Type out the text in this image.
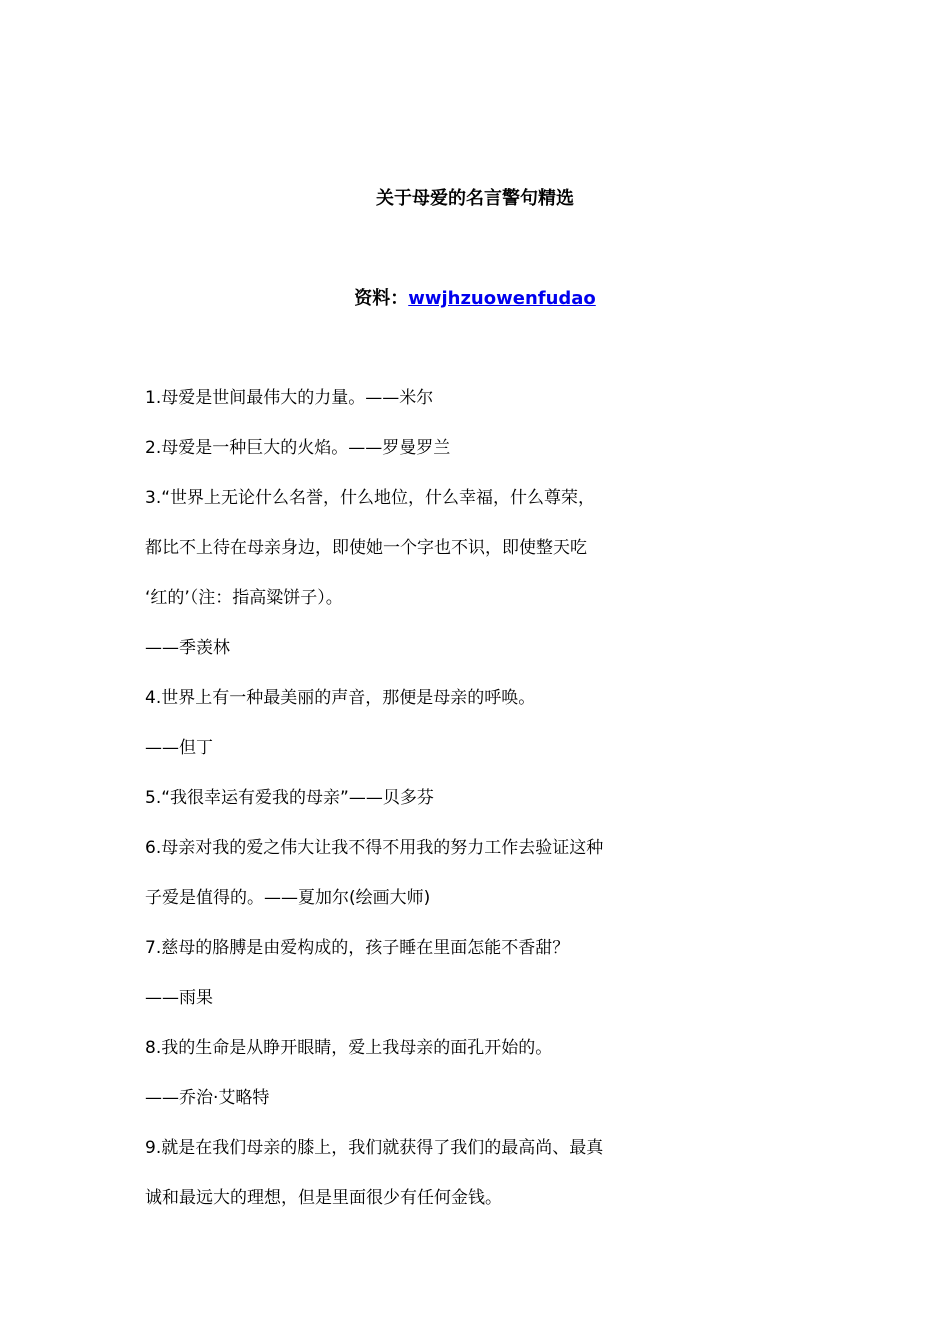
关于母爱的名言警句精选
资料：wwjhzuowenfudao
1.母爱是世间最伟大的力量。——米尔
2.母爱是一种巨大的火焰。——罗曼罗兰
3.“世界上无论什么名誉，什么地位，什么幸福，什么尊荣，
都比不上待在母亲身边，即使她一个字也不识，即使整天吃
‘红的’（注：指高粱饼子）。
——季羡林
4.世界上有一种最美丽的声音，那便是母亲的呼唤。
——但丁
5.“我很幸运有爱我的母亲”——贝多芬
6.母亲对我的爱之伟大让我不得不用我的努力工作去验证这种
子爱是值得的。——夏加尔(绘画大师)
7.慈母的胳膊是由爱构成的，孩子睡在里面怎能不香甜？
——雨果
8.我的生命是从睁开眼睛，爱上我母亲的面孔开始的。
——乔治·艾略特
9.就是在我们母亲的膝上，我们就获得了我们的最高尚、最真
诚和最远大的理想，但是里面很少有任何金钱。
